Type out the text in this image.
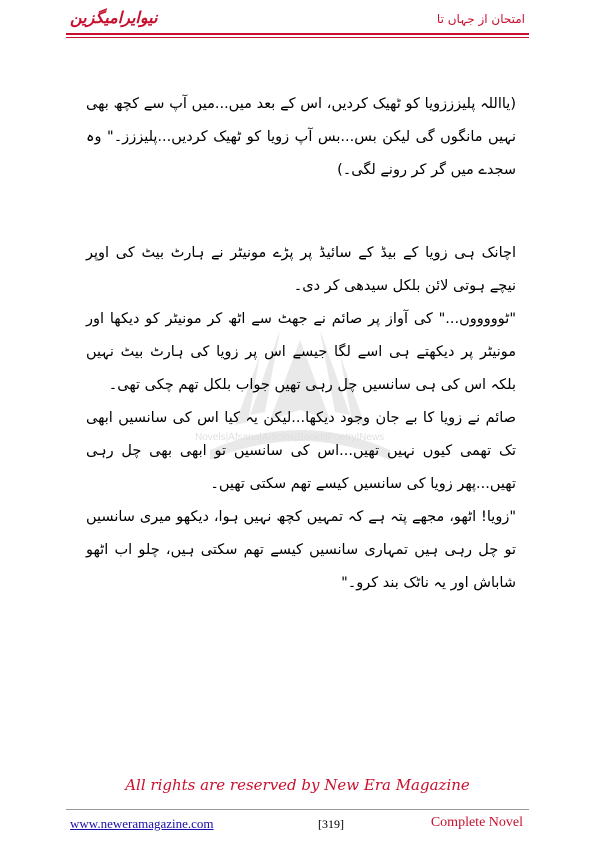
نیوایرامیگزین	امتحان از جہاں تا
Novels|Afsana|Articles|Books|Poetry|News

(یااللہ پلیزززویا کو ٹھیک کردیں، اس کے بعد میں...میں آپ سے کچھ بھی نہیں مانگوں گی لیکن بس...بس آپ زویا کو ٹھیک کردیں...پلیززز۔" وہ سجدے میں گر کر رونے لگی۔)

اچانک ہی زویا کے بیڈ کے سائیڈ پر پڑے مونیٹر نے ہارٹ بیٹ کی اوپر نیچے ہوتی لائن بلکل سیدھی کر دی۔

"ٹوووووں..." کی آواز پر صائم نے جھٹ سے اٹھ کر مونیٹر کو دیکھا اور مونیٹر پر دیکھتے ہی اسے لگا جیسے اس پر زویا کی ہارٹ بیٹ نہیں بلکہ اس کی ہی سانسیں چل رہی تھیں جواب بلکل تھم چکی تھی۔

صائم نے زویا کا بے جان وجود دیکھا...لیکن یہ کیا اس کی سانسیں ابھی تک تھمی کیوں نہیں تھیں...اس کی سانسیں تو ابھی بھی چل رہی تھیں...پھر زویا کی سانسیں کیسے تھم سکتی تھیں۔

"زویا! اٹھو، مجھے پتہ ہے کہ تمہیں کچھ نہیں ہوا، دیکھو میری سانسیں تو چل رہی ہیں تمہاری سانسیں کیسے تھم سکتی ہیں، چلو اب اٹھو شاباش اور یہ ناٹک بند کرو۔"

All rights are reserved by New Era Magazine
www.neweramagazine.com	[319]	Complete Novel
